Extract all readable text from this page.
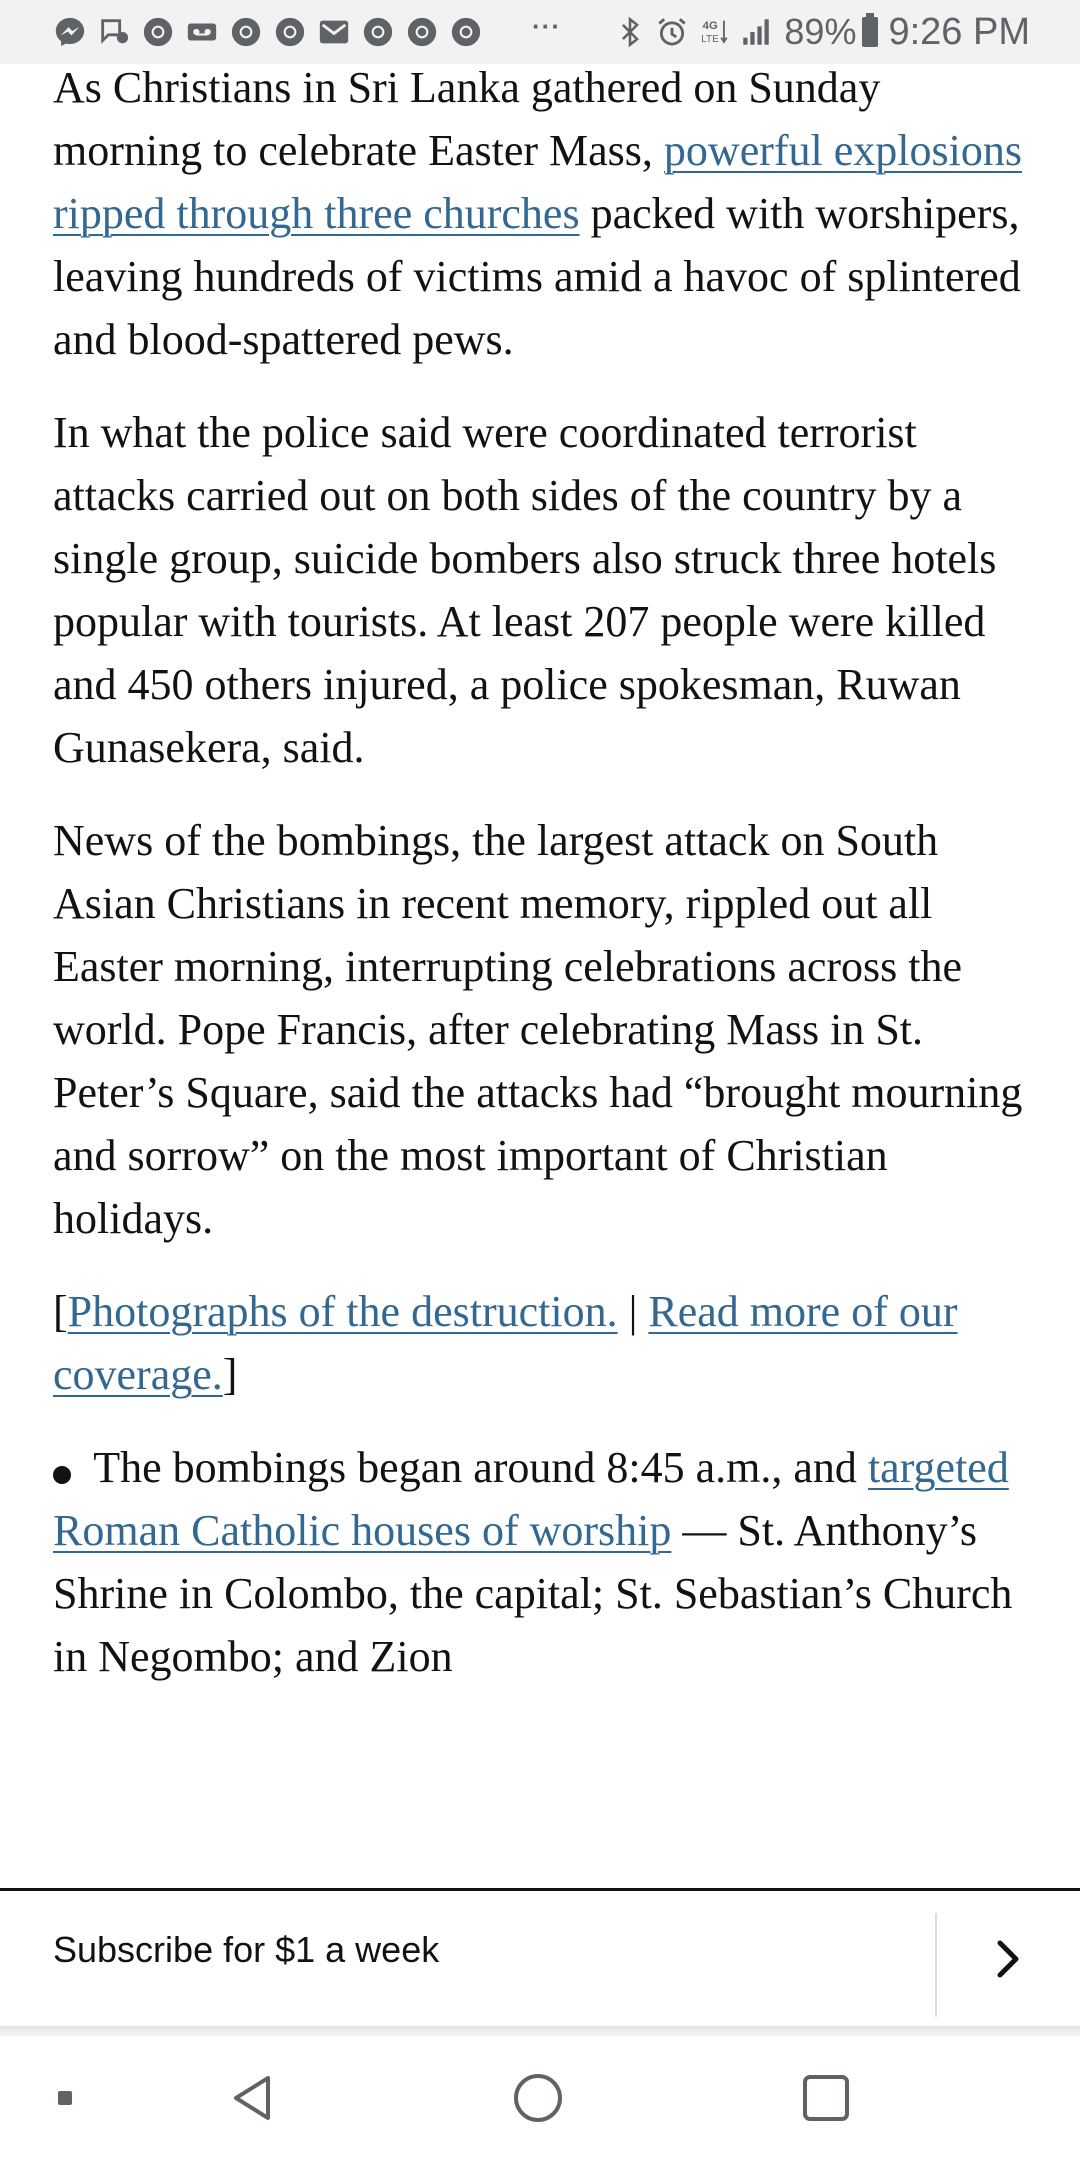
···	4G
LTE 89% 9:26 PM

As Christians in Sri Lanka gathered on Sunday morning to celebrate Easter Mass, powerful explosions ripped through three churches packed with worshipers, leaving hundreds of victims amid a havoc of splintered and blood-spattered pews.

In what the police said were coordinated terrorist attacks carried out on both sides of the country by a single group, suicide bombers also struck three hotels popular with tourists. At least 207 people were killed and 450 others injured, a police spokesman, Ruwan Gunasekera, said.

News of the bombings, the largest attack on South Asian Christians in recent memory, rippled out all Easter morning, interrupting celebrations across the world. Pope Francis, after celebrating Mass in St. Peter’s Square, said the attacks had “brought mourning and sorrow” on the most important of Christian holidays.

[Photographs of the destruction. | Read more of our coverage.]

The bombings began around 8:45 a.m., and targeted Roman Catholic houses of worship — St. Anthony’s Shrine in Colombo, the capital; St. Sebastian’s Church in Negombo; and Zion

Subscribe for $1 a week
